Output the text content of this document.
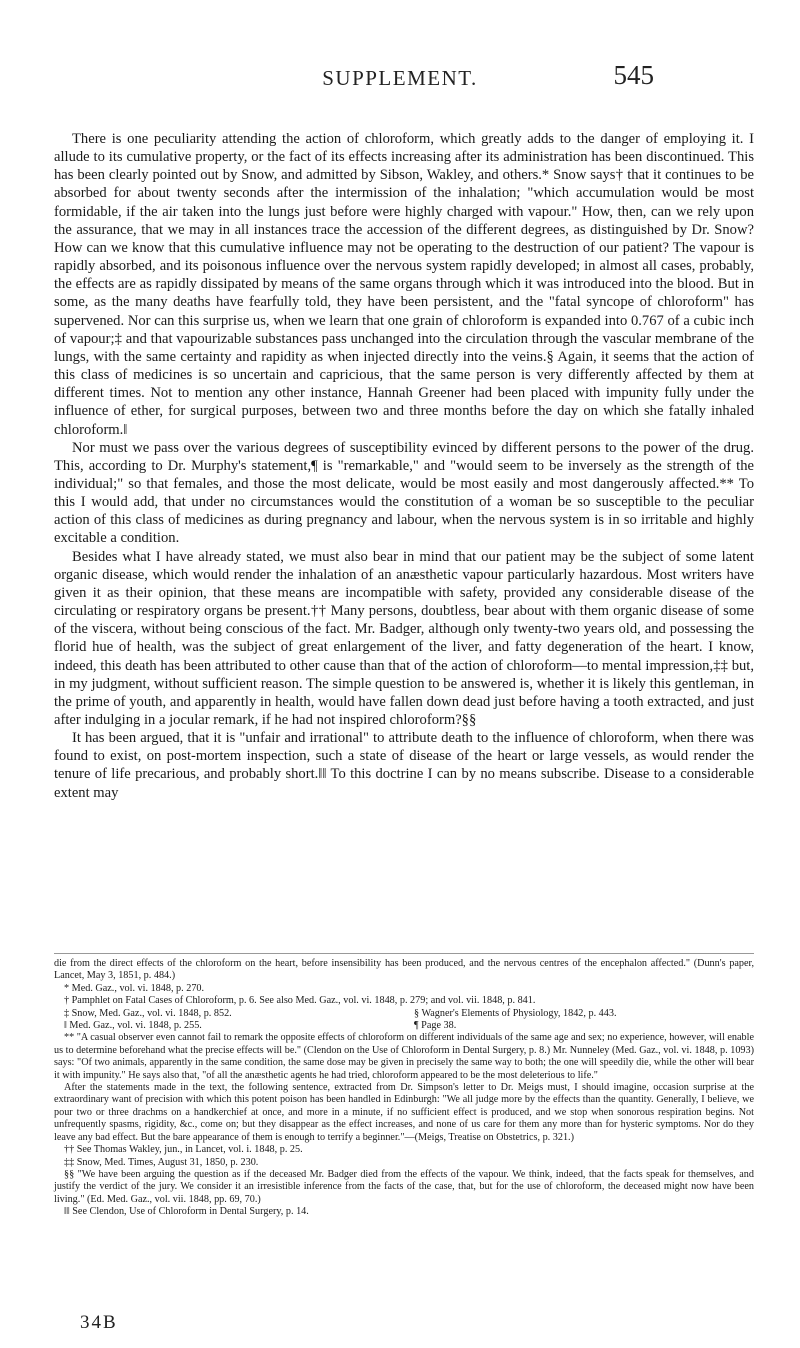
SUPPLEMENT.	545

There is one peculiarity attending the action of chloroform, which greatly adds to the danger of employing it. I allude to its cumulative property, or the fact of its effects increasing after its administration has been discontinued. This has been clearly pointed out by Snow, and admitted by Sibson, Wakley, and others.* Snow says† that it continues to be absorbed for about twenty seconds after the intermission of the inhalation; "which accumulation would be most formidable, if the air taken into the lungs just before were highly charged with vapour." How, then, can we rely upon the assurance, that we may in all instances trace the accession of the different degrees, as distinguished by Dr. Snow? How can we know that this cumulative influence may not be operating to the destruction of our patient? The vapour is rapidly absorbed, and its poisonous influence over the nervous system rapidly developed; in almost all cases, probably, the effects are as rapidly dissipated by means of the same organs through which it was introduced into the blood. But in some, as the many deaths have fearfully told, they have been persistent, and the "fatal syncope of chloroform" has supervened. Nor can this surprise us, when we learn that one grain of chloroform is expanded into 0.767 of a cubic inch of vapour;‡ and that vapourizable substances pass unchanged into the circulation through the vascular membrane of the lungs, with the same certainty and rapidity as when injected directly into the veins.§ Again, it seems that the action of this class of medicines is so uncertain and capricious, that the same person is very differently affected by them at different times. Not to mention any other instance, Hannah Greener had been placed with impunity fully under the influence of ether, for surgical purposes, between two and three months before the day on which she fatally inhaled chloroform.‖

Nor must we pass over the various degrees of susceptibility evinced by different persons to the power of the drug. This, according to Dr. Murphy's statement,¶ is "remarkable," and "would seem to be inversely as the strength of the individual;" so that females, and those the most delicate, would be most easily and most dangerously affected.** To this I would add, that under no circumstances would the constitution of a woman be so susceptible to the peculiar action of this class of medicines as during pregnancy and labour, when the nervous system is in so irritable and highly excitable a condition.

Besides what I have already stated, we must also bear in mind that our patient may be the subject of some latent organic disease, which would render the inhalation of an anæsthetic vapour particularly hazardous. Most writers have given it as their opinion, that these means are incompatible with safety, provided any considerable disease of the circulating or respiratory organs be present.†† Many persons, doubtless, bear about with them organic disease of some of the viscera, without being conscious of the fact. Mr. Badger, although only twenty-two years old, and possessing the florid hue of health, was the subject of great enlargement of the liver, and fatty degeneration of the heart. I know, indeed, this death has been attributed to other cause than that of the action of chloroform—to mental impression,‡‡ but, in my judgment, without sufficient reason. The simple question to be answered is, whether it is likely this gentleman, in the prime of youth, and apparently in health, would have fallen down dead just before having a tooth extracted, and just after indulging in a jocular remark, if he had not inspired chloroform?§§

It has been argued, that it is "unfair and irrational" to attribute death to the influence of chloroform, when there was found to exist, on post-mortem inspection, such a state of disease of the heart or large vessels, as would render the tenure of life precarious, and probably short.‖‖ To this doctrine I can by no means subscribe. Disease to a considerable extent may

die from the direct effects of the chloroform on the heart, before insensibility has been produced, and the nervous centres of the encephalon affected." (Dunn's paper, Lancet, May 3, 1851, p. 484.)

* Med. Gaz., vol. vi. 1848, p. 270.

† Pamphlet on Fatal Cases of Chloroform, p. 6. See also Med. Gaz., vol. vi. 1848, p. 279; and vol. vii. 1848, p. 841.

‡ Snow, Med. Gaz., vol. vi. 1848, p. 852.	§ Wagner's Elements of Physiology, 1842, p. 443.
‖ Med. Gaz., vol. vi. 1848, p. 255.	¶ Page 38.

** "A casual observer even cannot fail to remark the opposite effects of chloroform on different individuals of the same age and sex; no experience, however, will enable us to determine beforehand what the precise effects will be." (Clendon on the Use of Chloroform in Dental Surgery, p. 8.) Mr. Nunneley (Med. Gaz., vol. vi. 1848, p. 1093) says: "Of two animals, apparently in the same condition, the same dose may be given in precisely the same way to both; the one will speedily die, while the other will bear it with impunity." He says also that, "of all the anæsthetic agents he had tried, chloroform appeared to be the most deleterious to life."

After the statements made in the text, the following sentence, extracted from Dr. Simpson's letter to Dr. Meigs must, I should imagine, occasion surprise at the extraordinary want of precision with which this potent poison has been handled in Edinburgh: "We all judge more by the effects than the quantity. Generally, I believe, we pour two or three drachms on a handkerchief at once, and more in a minute, if no sufficient effect is produced, and we stop when sonorous respiration begins. Not unfrequently spasms, rigidity, &c., come on; but they disappear as the effect increases, and none of us care for them any more than for hysteric symptoms. Nor do they leave any bad effect. But the bare appearance of them is enough to terrify a beginner."—(Meigs, Treatise on Obstetrics, p. 321.)

†† See Thomas Wakley, jun., in Lancet, vol. i. 1848, p. 25.

‡‡ Snow, Med. Times, August 31, 1850, p. 230.

§§ "We have been arguing the question as if the deceased Mr. Badger died from the effects of the vapour. We think, indeed, that the facts speak for themselves, and justify the verdict of the jury. We consider it an irresistible inference from the facts of the case, that, but for the use of chloroform, the deceased might now have been living." (Ed. Med. Gaz., vol. vii. 1848, pp. 69, 70.)

‖‖ See Clendon, Use of Chloroform in Dental Surgery, p. 14.

34B
